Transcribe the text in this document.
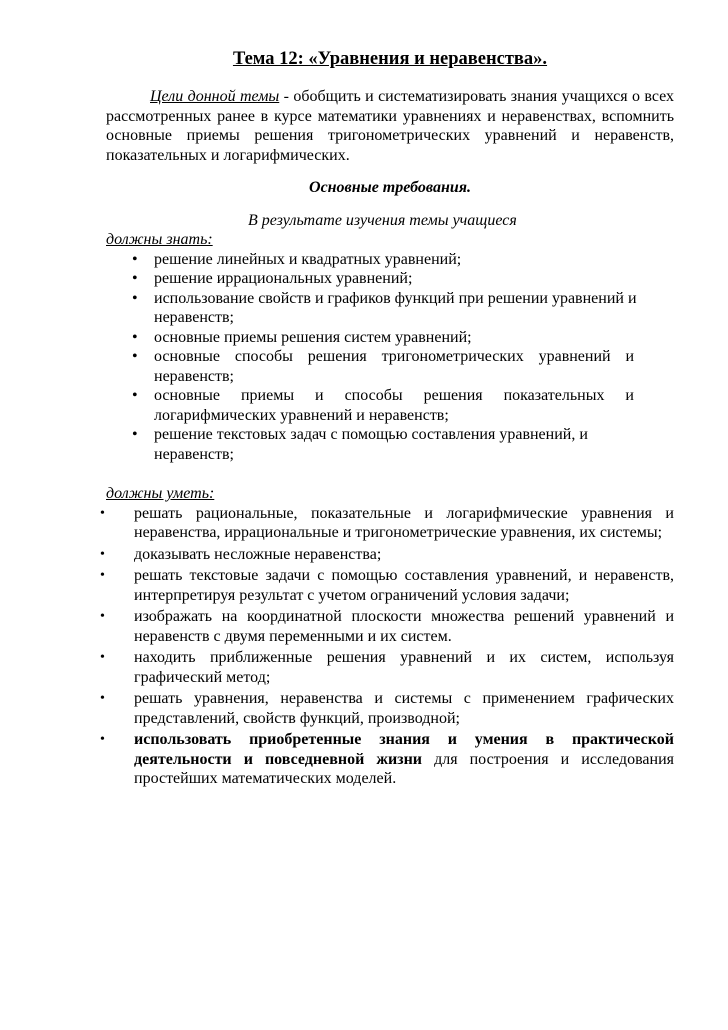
Тема 12: «Уравнения и неравенства».

Цели донной темы - обобщить и систематизировать знания учащихся о всех рассмотренных ранее в курсе математики уравнениях и неравенствах, вспомнить основные приемы решения тригонометрических уравнений и неравенств, показательных и логарифмических.

Основные требования.
В результате изучения темы учащиеся
должны знать:
• решение линейных и квадратных уравнений;
• решение иррациональных уравнений;
• использование свойств и графиков функций при решении уравнений и неравенств;
• основные приемы решения систем уравнений;
• основные способы решения тригонометрических уравнений и неравенств;
• основные приемы и способы решения показательных и логарифмических уравнений и неравенств;
• решение текстовых задач с помощью составления уравнений, и неравенств;
должны уметь:
• решать рациональные, показательные и логарифмические уравнения и неравенства, иррациональные и тригонометрические уравнения, их системы;
• доказывать несложные неравенства;
• решать текстовые задачи с помощью составления уравнений, и неравенств, интерпретируя результат с учетом ограничений условия задачи;
• изображать на координатной плоскости множества решений уравнений и неравенств с двумя переменными и их систем.
• находить приближенные решения уравнений и их систем, используя графический метод;
• решать уравнения, неравенства и системы с применением графических представлений, свойств функций, производной;
• использовать приобретенные знания и умения в практической деятельности и повседневной жизни для построения и исследования простейших математических моделей.
